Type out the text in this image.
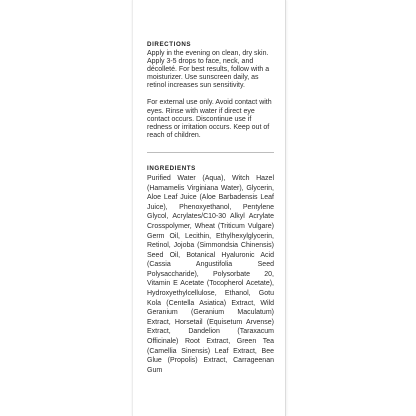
DIRECTIONS

Apply in the evening on clean, dry skin. Apply 3-5 drops to face, neck, and décolleté. For best results, follow with a moisturizer. Use sunscreen daily, as retinol increases sun sensitivity.

For external use only. Avoid contact with eyes. Rinse with water if direct eye contact occurs. Discontinue use if redness or irritation occurs. Keep out of reach of children.

INGREDIENTS

Purified Water (Aqua), Witch Hazel (Hamamelis Virginiana Water), Glycerin, Aloe Leaf Juice (Aloe Barbadensis Leaf Juice), Phenoxyethanol, Pentylene Glycol, Acrylates/C10-30 Alkyl Acrylate Crosspolymer, Wheat (Triticum Vulgare) Germ Oil, Lecithin, Ethylhexylglycerin, Retinol, Jojoba (Simmondsia Chinensis) Seed Oil, Botanical Hyaluronic Acid (Cassia Angustifolia Seed Polysaccharide), Polysorbate 20, Vitamin E Acetate (Tocopherol Acetate), Hydroxyethylcellulose, Ethanol, Gotu Kola (Centella Asiatica) Extract, Wild Geranium (Geranium Maculatum) Extract, Horsetail (Equisetum Arvense) Extract, Dandelion (Taraxacum Officinale) Root Extract, Green Tea (Camellia Sinensis) Leaf Extract, Bee Glue (Propolis) Extract, Carrageenan Gum
